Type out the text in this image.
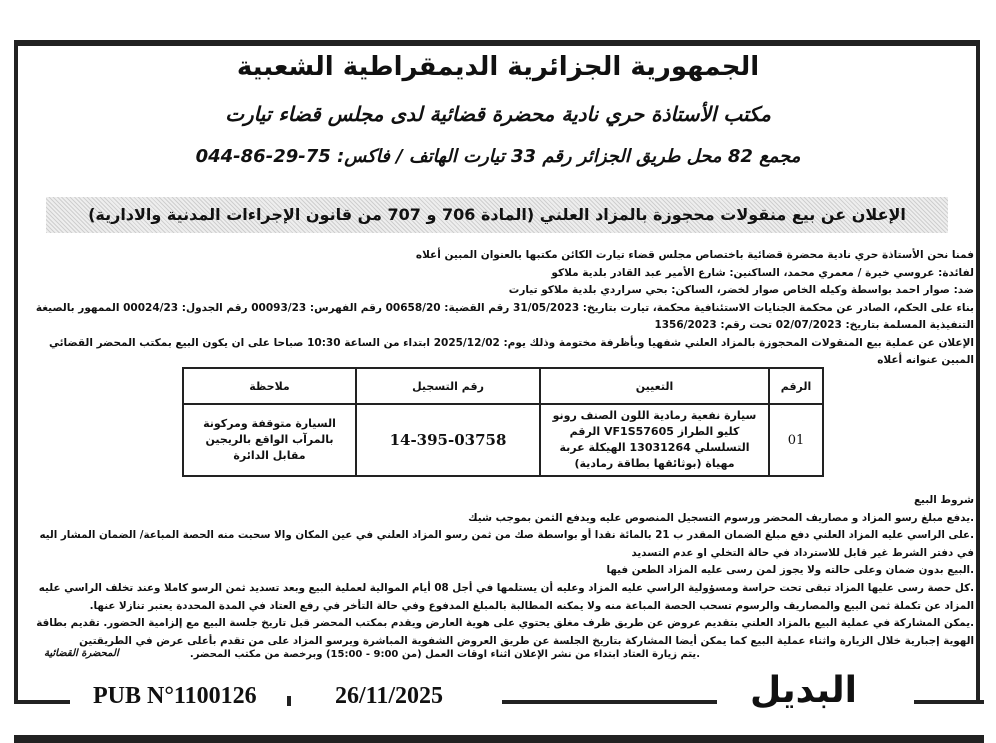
الجمهورية الجزائرية الديمقراطية الشعبية
مكتب الأستاذة حري نادية محضرة قضائية لدى مجلس قضاء تيارت
مجمع 82 محل طريق الجزائر رقم 33 تيارت الهاتف / فاكس: 75-29-86-044
الإعلان عن بيع منقولات محجوزة بالمزاد العلني (المادة 706 و 707 من قانون الإجراءات المدنية والادارية)

فمنا نحن الأستاذة حري نادية محضرة قضائية باختصاص مجلس قضاء تيارت الكائن مكتبها بالعنوان المبين أعلاه

لفائدة: عروسي خيرة / معمري محمد، الساكنين: شارع الأمير عبد القادر بلدية ملاكو

ضد: صوار احمد بواسطة وكيله الخاص صوار لخضر، الساكن: بحي سراردي بلدية ملاكو تيارت

بناء على الحكم، الصادر عن محكمة الجنايات الاستئنافية محكمة، تيارت بتاريخ: 31/05/2023 رقم القضية: 00658/20 رقم الفهرس: 00093/23 رقم الجدول: 00024/23 الممهور بالصيغة التنفيذية المسلمة بتاريخ: 02/07/2023 تحت رقم: 1356/2023

الإعلان عن عملية بيع المنقولات المحجوزة بالمزاد العلني شفهيا وبأظرفة مختومة وذلك يوم: 2025/12/02 ابتداء من الساعة 10:30 صباحا على ان يكون البيع بمكتب المحضر القضائي المبين عنوانه أعلاه

الرقم	التعيين	رقم التسجيل	ملاحظة
01	سيارة نفعية رمادية اللون الصنف رونو كليو الطراز VF1S57605 الرقم التسلسلي 13031264 الهيكلة عربة مهياة (بوثائقها بطاقة رمادية)	14-395-03758	السيارة متوقفة ومركونة بالمرآب الواقع بالريجين مقابل الدائرة

شروط البيع

.يدفع مبلغ رسو المزاد و مصاريف المحضر ورسوم التسجيل المنصوص عليه ويدفع الثمن بموجب شيك

.على الراسي عليه المزاد العلني دفع مبلغ الضمان المقدر ب 21 بالمائة نقدا أو بواسطة صك من ثمن رسو المزاد العلني في عين المكان والا سحبت منه الحصة المباعة/ الضمان المشار اليه في دفتر الشرط غير قابل للاسترداد في حالة التخلي او عدم التسديد

.البيع بدون ضمان وعلى حالته ولا يجوز لمن رسى عليه المزاد الطعن فيها

.كل حصة رسى عليها المزاد تبقى تحت حراسة ومسؤولية الراسي عليه المزاد وعليه أن يستلمها في أجل 08 أيام الموالية لعملية البيع وبعد تسديد ثمن الرسو كاملا وعند تخلف الراسي عليه المزاد عن تكملة ثمن البيع والمصاريف والرسوم تسحب الحصة المباعة منه ولا يمكنه المطالبة بالمبلغ المدفوع وفي حالة التأخر في رفع العتاد في المدة المحددة يعتبر تنازلا عنها.

.يمكن المشاركة في عملية البيع بالمزاد العلني بتقديم عروض عن طريق ظرف مغلق يحتوي على هوية العارض ويقدم بمكتب المحضر قبل تاريخ جلسة البيع مع إلزامية الحضور. تقديم بطاقة الهوية إجبارية خلال الزيارة واثناء عملية البيع كما يمكن أيضا المشاركة بتاريخ الجلسة عن طريق العروض الشفوية المباشرة ويرسو المزاد على من تقدم بأعلى عرض في الطريقتين

.يتم زيارة العتاد ابتداء من نشر الإعلان اثناء اوقات العمل (من 9:00 - 15:00) وبرخصة من مكتب المحضر.
المحضرة القضائية
PUB N°1100126	26/11/2025	البديل
